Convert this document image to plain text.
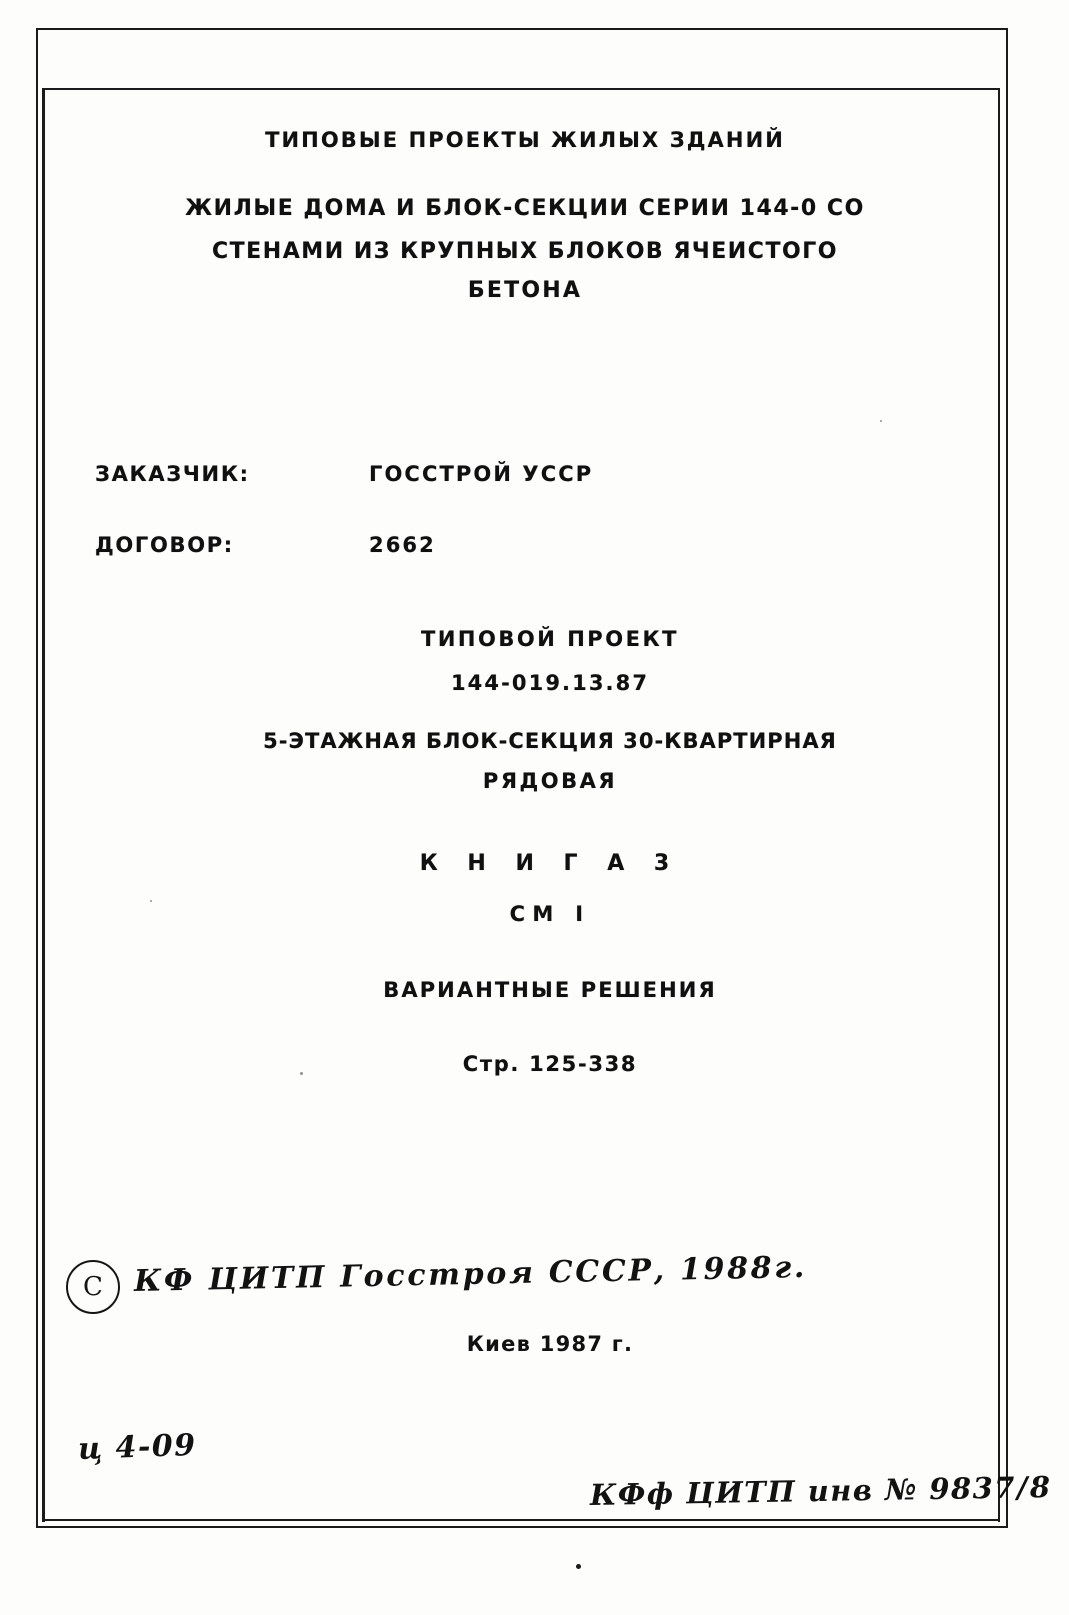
ТИПОВЫЕ ПРОЕКТЫ ЖИЛЫХ ЗДАНИЙ
ЖИЛЫЕ ДОМА И БЛОК-СЕКЦИИ СЕРИИ 144-0 СО
СТЕНАМИ ИЗ КРУПНЫХ БЛОКОВ ЯЧЕИСТОГО
БЕТОНА
ЗАКАЗЧИК:	ГОССТРОЙ УССР
ДОГОВОР:	2662
ТИПОВОЙ ПРОЕКТ
144-019.13.87
5-ЭТАЖНАЯ БЛОК-СЕКЦИЯ 30-КВАРТИРНАЯ
РЯДОВАЯ
К Н И Г А 3
СМ I
ВАРИАНТНЫЕ РЕШЕНИЯ
Стр. 125-338
C	КФ ЦИТП Госстроя СССР, 1988г.
Киев 1987 г.
ц 4-09
КФф ЦИТП инв № 9837/8
